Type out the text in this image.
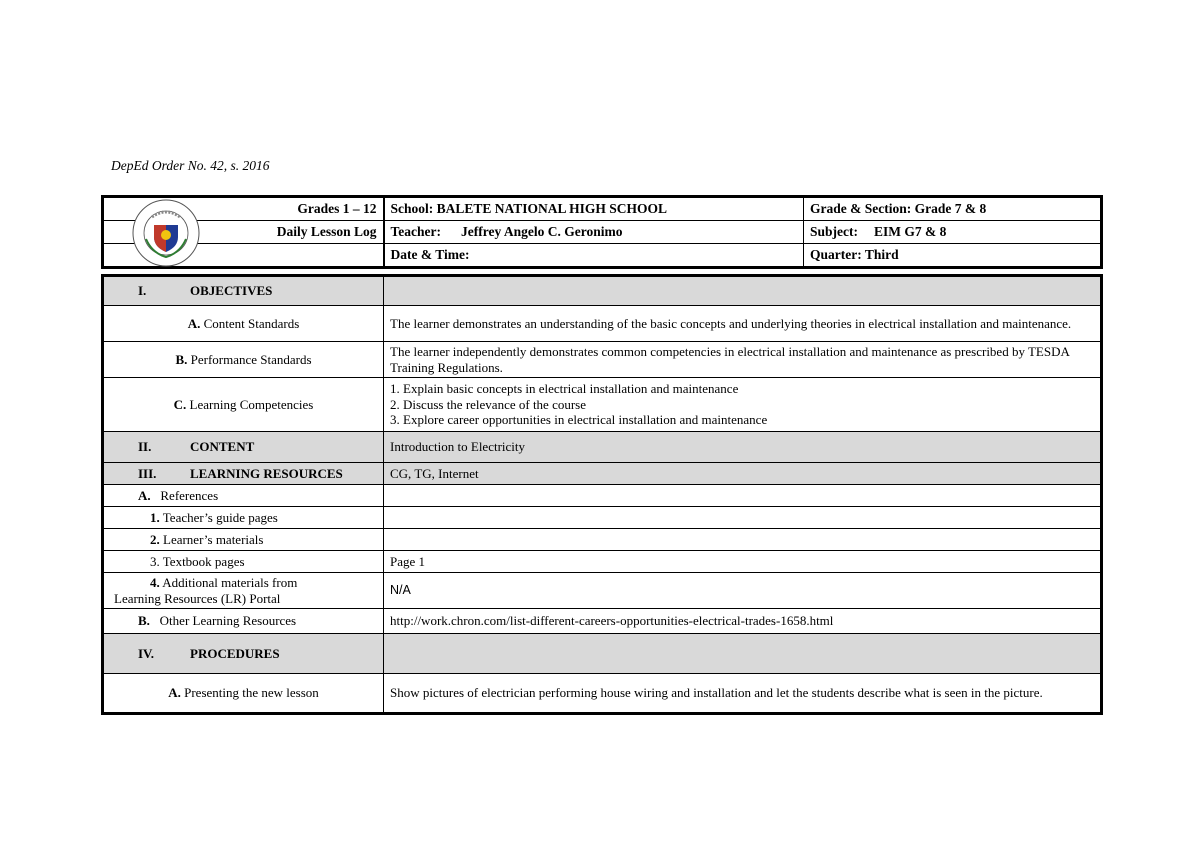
DepEd Order No. 42, s. 2016
Grades 1 – 12	School: BALETE NATIONAL HIGH SCHOOL	Grade & Section: Grade 7 & 8
Daily Lesson Log	Teacher: Jeffrey Angelo C. Geronimo	Subject: EIM G7 & 8
	Date & Time:	Quarter: Third
I. OBJECTIVES	
A. Content Standards	The learner demonstrates an understanding of the basic concepts and underlying theories in electrical installation and maintenance.
B. Performance Standards	The learner independently demonstrates common competencies in electrical installation and maintenance as prescribed by TESDA Training Regulations.
C. Learning Competencies	1. Explain basic concepts in electrical installation and maintenance
2. Discuss the relevance of the course
3. Explore career opportunities in electrical installation and maintenance

II. CONTENT	Introduction to Electricity
III. LEARNING RESOURCES	CG, TG, Internet
A. References	
1. Teacher’s guide pages	
2. Learner’s materials	
3. Textbook pages	Page 1

4. Additional materials from
Learning Resources (LR) Portal	N/A
B. Other Learning Resources	http://work.chron.com/list-different-careers-opportunities-electrical-trades-1658.html
IV. PROCEDURES	
A. Presenting the new lesson	Show pictures of electrician performing house wiring and installation and let the students describe what is seen in the picture.
